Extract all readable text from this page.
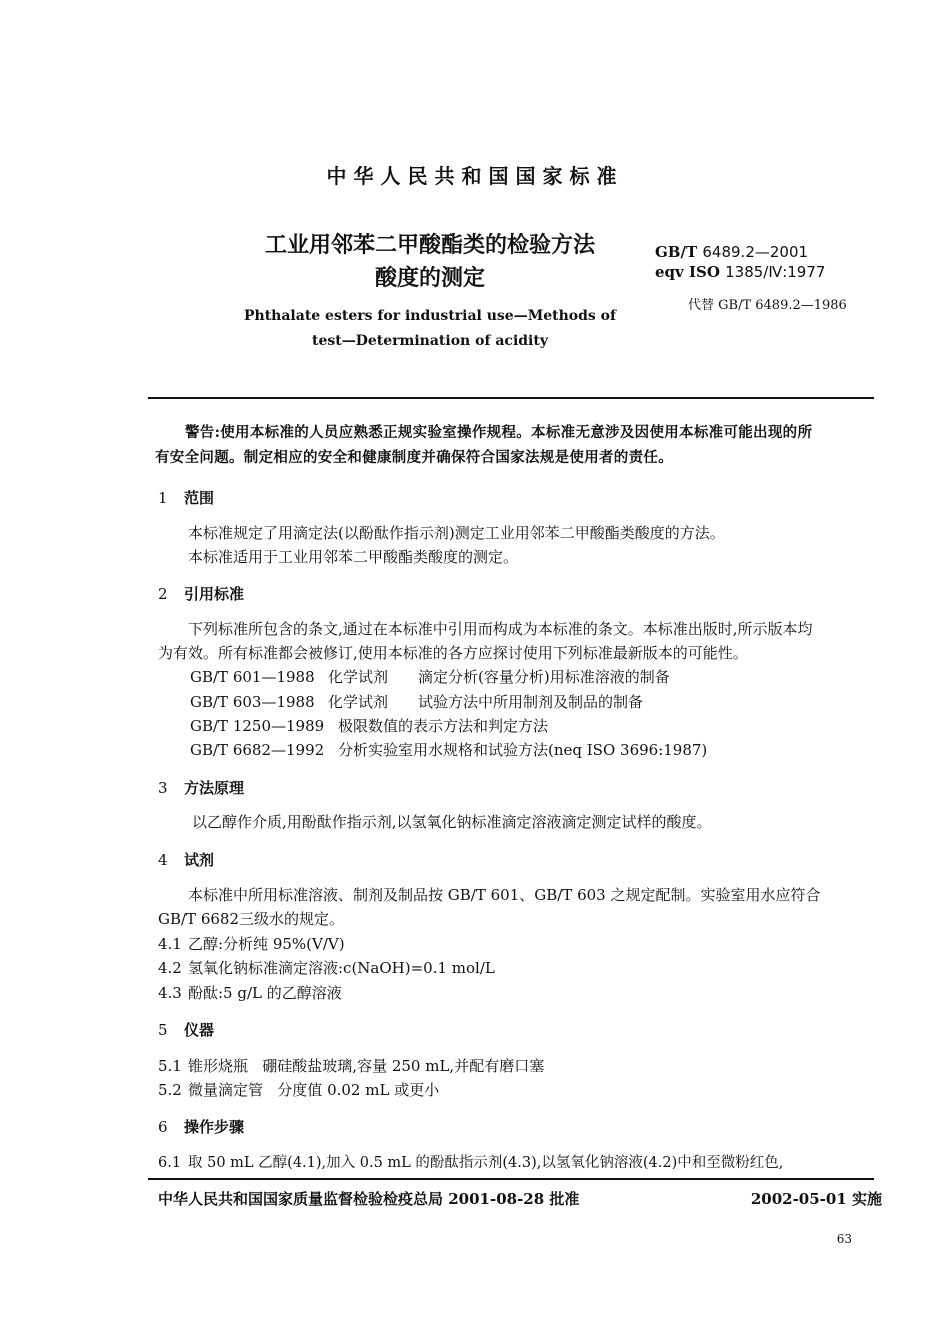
中华人民共和国国家标准
工业用邻苯二甲酸酯类的检验方法
酸度的测定
Phthalate esters for industrial use—Methods of
test—Determination of acidity
GB/T 6489.2—2001
eqv ISO 1385/Ⅳ:1977
代替 GB/T 6489.2—1986
警告:使用本标准的人员应熟悉正规实验室操作规程。本标准无意涉及因使用本标准可能出现的所
有安全问题。制定相应的安全和健康制度并确保符合国家法规是使用者的责任。
1 范围
本标准规定了用滴定法(以酚酞作指示剂)测定工业用邻苯二甲酸酯类酸度的方法。
本标准适用于工业用邻苯二甲酸酯类酸度的测定。
2 引用标准
下列标准所包含的条文,通过在本标准中引用而构成为本标准的条文。本标准出版时,所示版本均
为有效。所有标准都会被修订,使用本标准的各方应探讨使用下列标准最新版本的可能性。
GB/T 601—1988 化学试剂 滴定分析(容量分析)用标准溶液的制备
GB/T 603—1988 化学试剂 试验方法中所用制剂及制品的制备
GB/T 1250—1989 极限数值的表示方法和判定方法
GB/T 6682—1992 分析实验室用水规格和试验方法(neq ISO 3696:1987)
3 方法原理
以乙醇作介质,用酚酞作指示剂,以氢氧化钠标准滴定溶液滴定测定试样的酸度。
4 试剂
本标准中所用标准溶液、制剂及制品按 GB/T 601、GB/T 603 之规定配制。实验室用水应符合
GB/T 6682三级水的规定。
4.1 乙醇:分析纯 95%(V/V)
4.2 氢氧化钠标准滴定溶液:c(NaOH)=0.1 mol/L
4.3 酚酞:5 g/L 的乙醇溶液
5 仪器
5.1 锥形烧瓶   硼硅酸盐玻璃,容量 250 mL,并配有磨口塞
5.2 微量滴定管   分度值 0.02 mL 或更小
6 操作步骤
6.1 取 50 mL 乙醇(4.1),加入 0.5 mL 的酚酞指示剂(4.3),以氢氧化钠溶液(4.2)中和至微粉红色,
中华人民共和国国家质量监督检验检疫总局 2001-08-28 批准	2002-05-01 实施
63
